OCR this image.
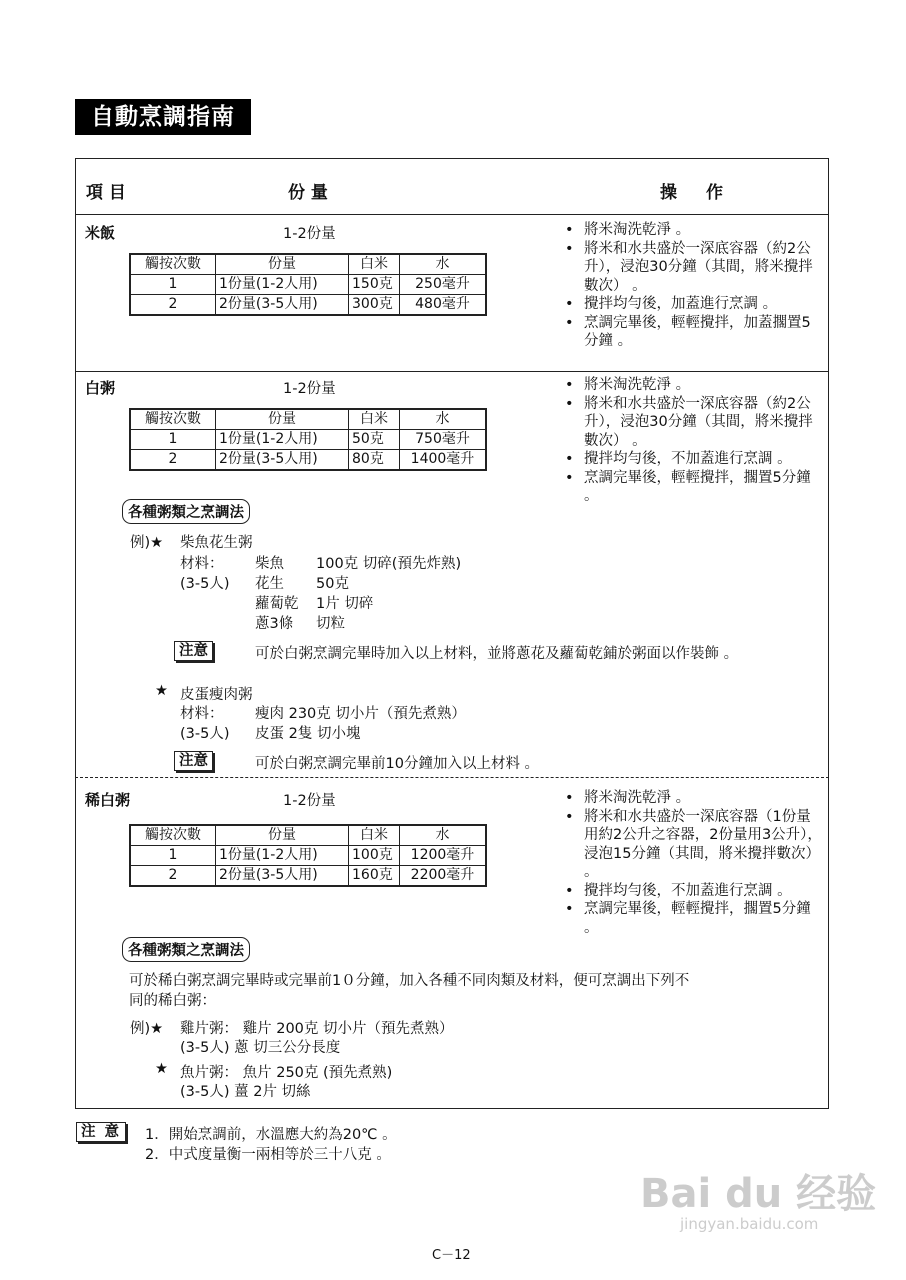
自動烹調指南
項 目	份 量	操　作
米飯	1-2份量
觸按次數	份量	白米	水
1	1份量(1-2人用)	150克	250毫升
2	2份量(3-5人用)	300克	480毫升
• 將米淘洗乾淨 。
• 將米和水共盛於一深底容器（約2公升），浸泡30分鐘（其間，將米攪拌數次） 。
• 攪拌均勻後，加蓋進行烹調 。
• 烹調完畢後，輕輕攪拌，加蓋擱置5分鐘 。
白粥	1-2份量
觸按次數	份量	白米	水
1	1份量(1-2人用)	50克	750毫升
2	2份量(3-5人用)	80克	1400毫升
• 將米淘洗乾淨 。
• 將米和水共盛於一深底容器（約2公升），浸泡30分鐘（其間，將米攪拌數次） 。
• 攪拌均勻後，不加蓋進行烹調 。
• 烹調完畢後，輕輕攪拌，擱置5分鐘 。
各種粥類之烹調法
例)★ 柴魚花生粥
材料： 柴魚 100克 切碎(預先炸熟)
(3-5人) 花生 50克
蘿蔔乾 1片 切碎
蔥3條 切粒
注意	可於白粥烹調完畢時加入以上材料，並將蔥花及蘿蔔乾鋪於粥面以作裝飾 。
★ 皮蛋瘦肉粥
材料： 瘦肉 230克 切小片（預先煮熟）
(3-5人) 皮蛋 2隻 切小塊
注意	可於白粥烹調完畢前10分鐘加入以上材料 。
稀白粥	1-2份量
觸按次數	份量	白米	水
1	1份量(1-2人用)	100克	1200毫升
2	2份量(3-5人用)	160克	2200毫升
• 將米淘洗乾淨 。
• 將米和水共盛於一深底容器（1份量用約2公升之容器，2份量用3公升），浸泡15分鐘（其間，將米攪拌數次） 。
• 攪拌均勻後，不加蓋進行烹調 。
• 烹調完畢後，輕輕攪拌，擱置5分鐘 。
各種粥類之烹調法
可於稀白粥烹調完畢時或完畢前1０分鐘，加入各種不同肉類及材料，便可烹調出下列不
同的稀白粥：
例)★ 雞片粥： 雞片 200克 切小片（預先煮熟）
(3-5人) 蔥 切三公分長度
★ 魚片粥： 魚片 250克 (預先煮熟)
(3-5人) 薑 2片 切絲
注 意	1．開始烹調前，水溫應大約為20℃ 。
2．中式度量衡一兩相等於三十八克 。
Bai du 经验
jingyan.baidu.com
C－12
